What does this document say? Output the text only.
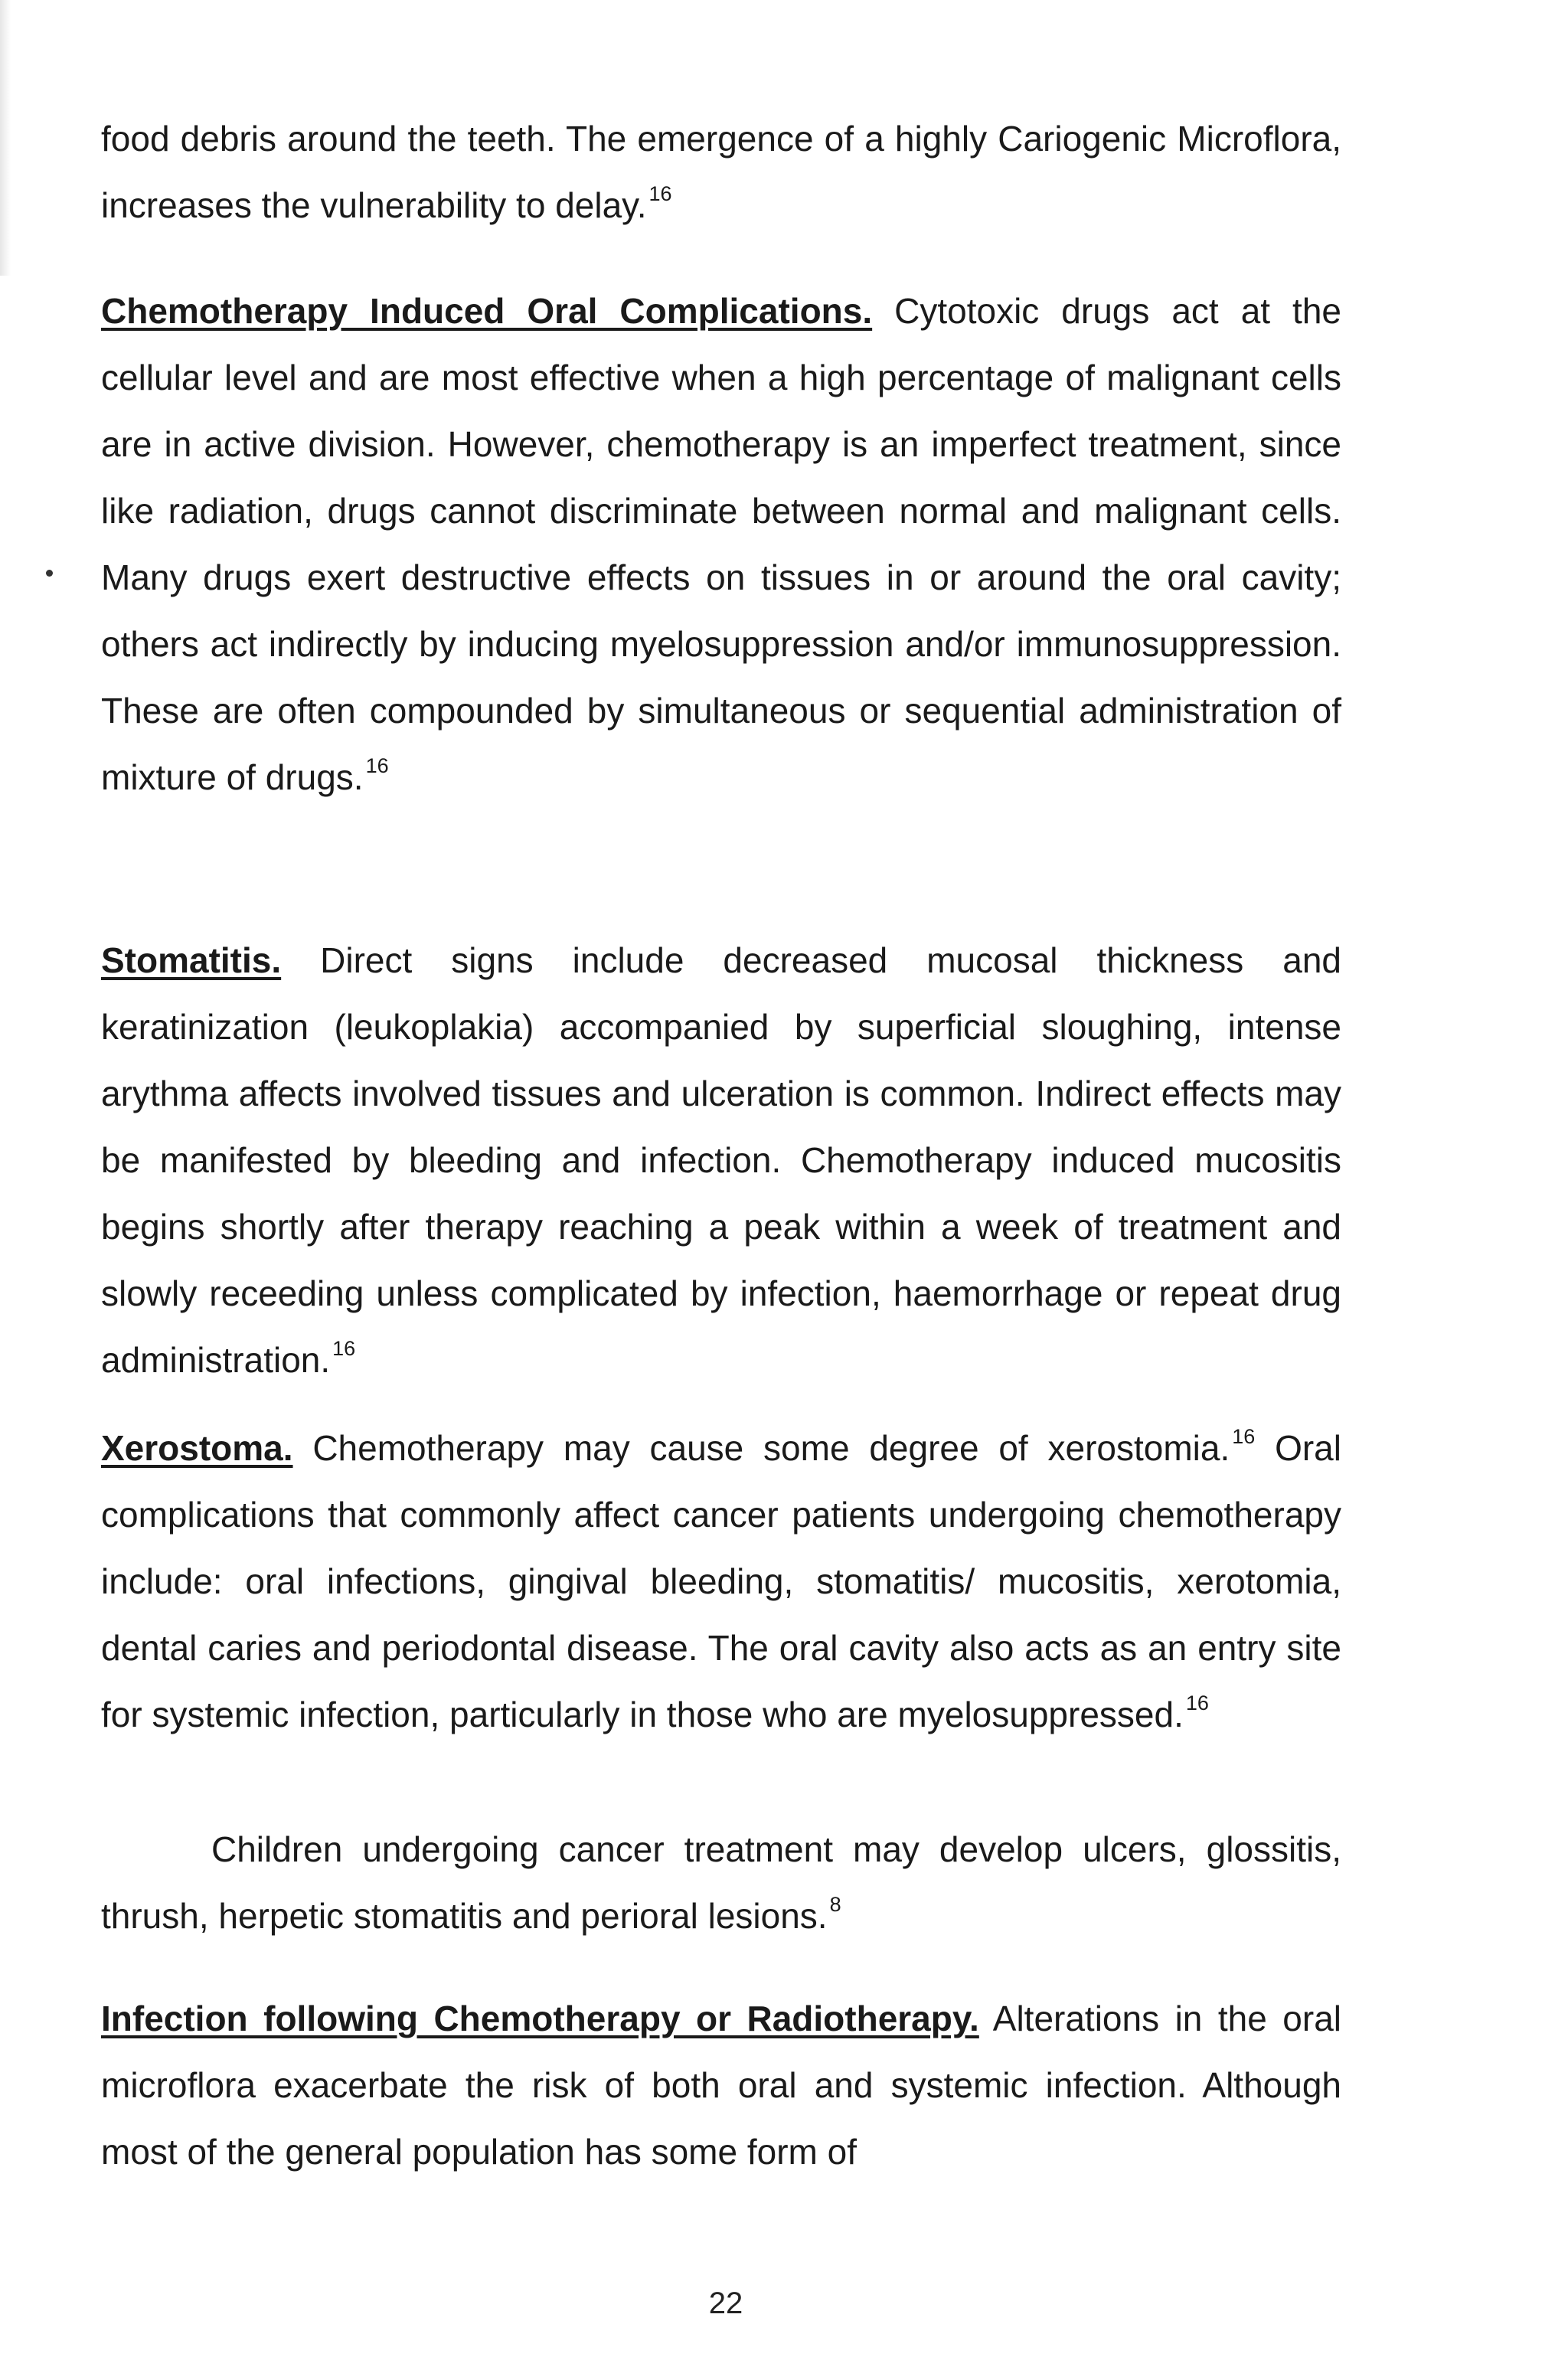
food debris around the teeth. The emergence of a highly Cariogenic Microflora, increases the vulnerability to delay. $^{16}$

Chemotherapy Induced Oral Complications. Cytotoxic drugs act at the cellular level and are most effective when a high percentage of malignant cells are in active division. However, chemotherapy is an imperfect treatment, since like radiation, drugs cannot discriminate between normal and malignant cells. Many drugs exert destructive effects on tissues in or around the oral cavity; others act indirectly by inducing myelosuppression and/or immunosuppression. These are often compounded by simultaneous or sequential administration of mixture of drugs. $^{16}$

Stomatitis. Direct signs include decreased mucosal thickness and keratinization (leukoplakia) accompanied by superficial sloughing, intense arythma affects involved tissues and ulceration is common. Indirect effects may be manifested by bleeding and infection. Chemotherapy induced mucositis begins shortly after therapy reaching a peak within a week of treatment and slowly receeding unless complicated by infection, haemorrhage or repeat drug administration. $^{16}$

Xerostoma. Chemotherapy may cause some degree of xerostomia. $^{16}$ Oral complications that commonly affect cancer patients undergoing chemotherapy include: oral infections, gingival bleeding, stomatitis/ mucositis, xerotomia, dental caries and periodontal disease. The oral cavity also acts as an entry site for systemic infection, particularly in those who are myelosuppressed. $^{16}$

Children undergoing cancer treatment may develop ulcers, glossitis, thrush, herpetic stomatitis and perioral lesions. $^8$

Infection following Chemotherapy or Radiotherapy. Alterations in the oral microflora exacerbate the risk of both oral and systemic infection. Although most of the general population has some form of

22
